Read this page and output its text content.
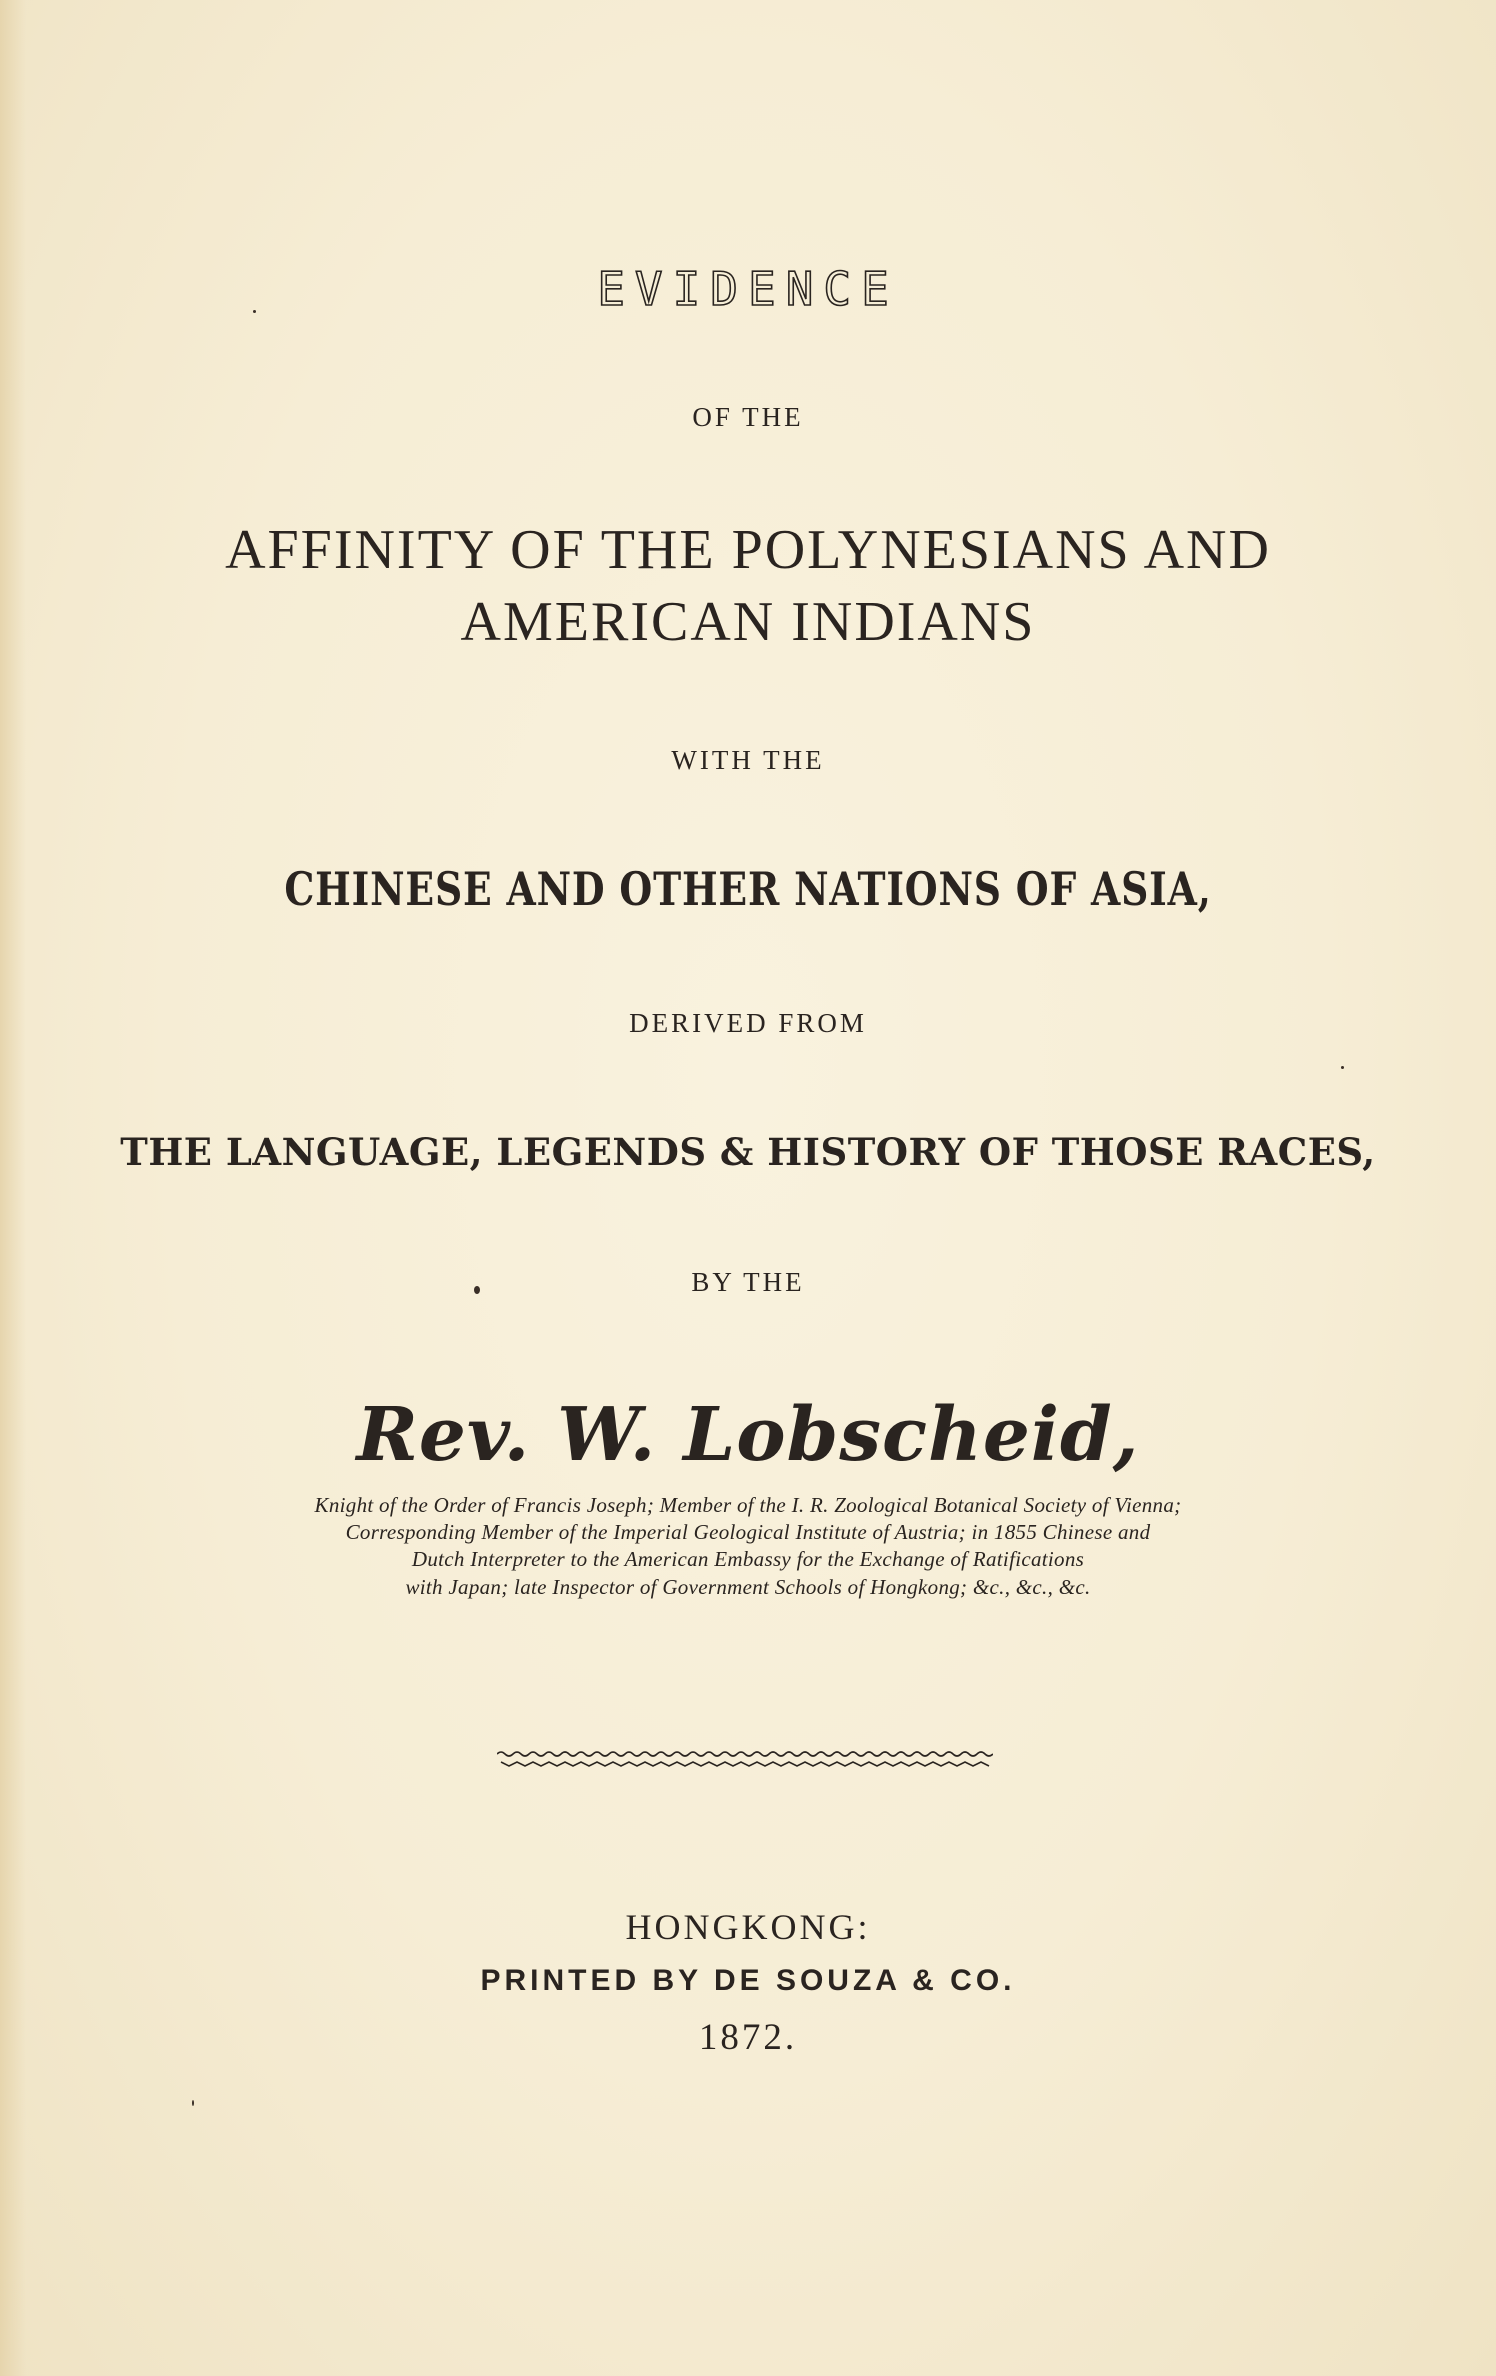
EVIDENCE
OF THE
AFFINITY OF THE POLYNESIANS AND
AMERICAN INDIANS
WITH THE
CHINESE AND OTHER NATIONS OF ASIA,
DERIVED FROM
THE LANGUAGE, LEGENDS & HISTORY OF THOSE RACES,
BY THE
Rev. W. Lobscheid,
Knight of the Order of Francis Joseph; Member of the I. R. Zoological Botanical Society of Vienna;
Corresponding Member of the Imperial Geological Institute of Austria; in 1855 Chinese and
Dutch Interpreter to the American Embassy for the Exchange of Ratifications
with Japan; late Inspector of Government Schools of Hongkong; &c., &c., &c.
HONGKONG:
PRINTED BY DE SOUZA & CO.
1872.
